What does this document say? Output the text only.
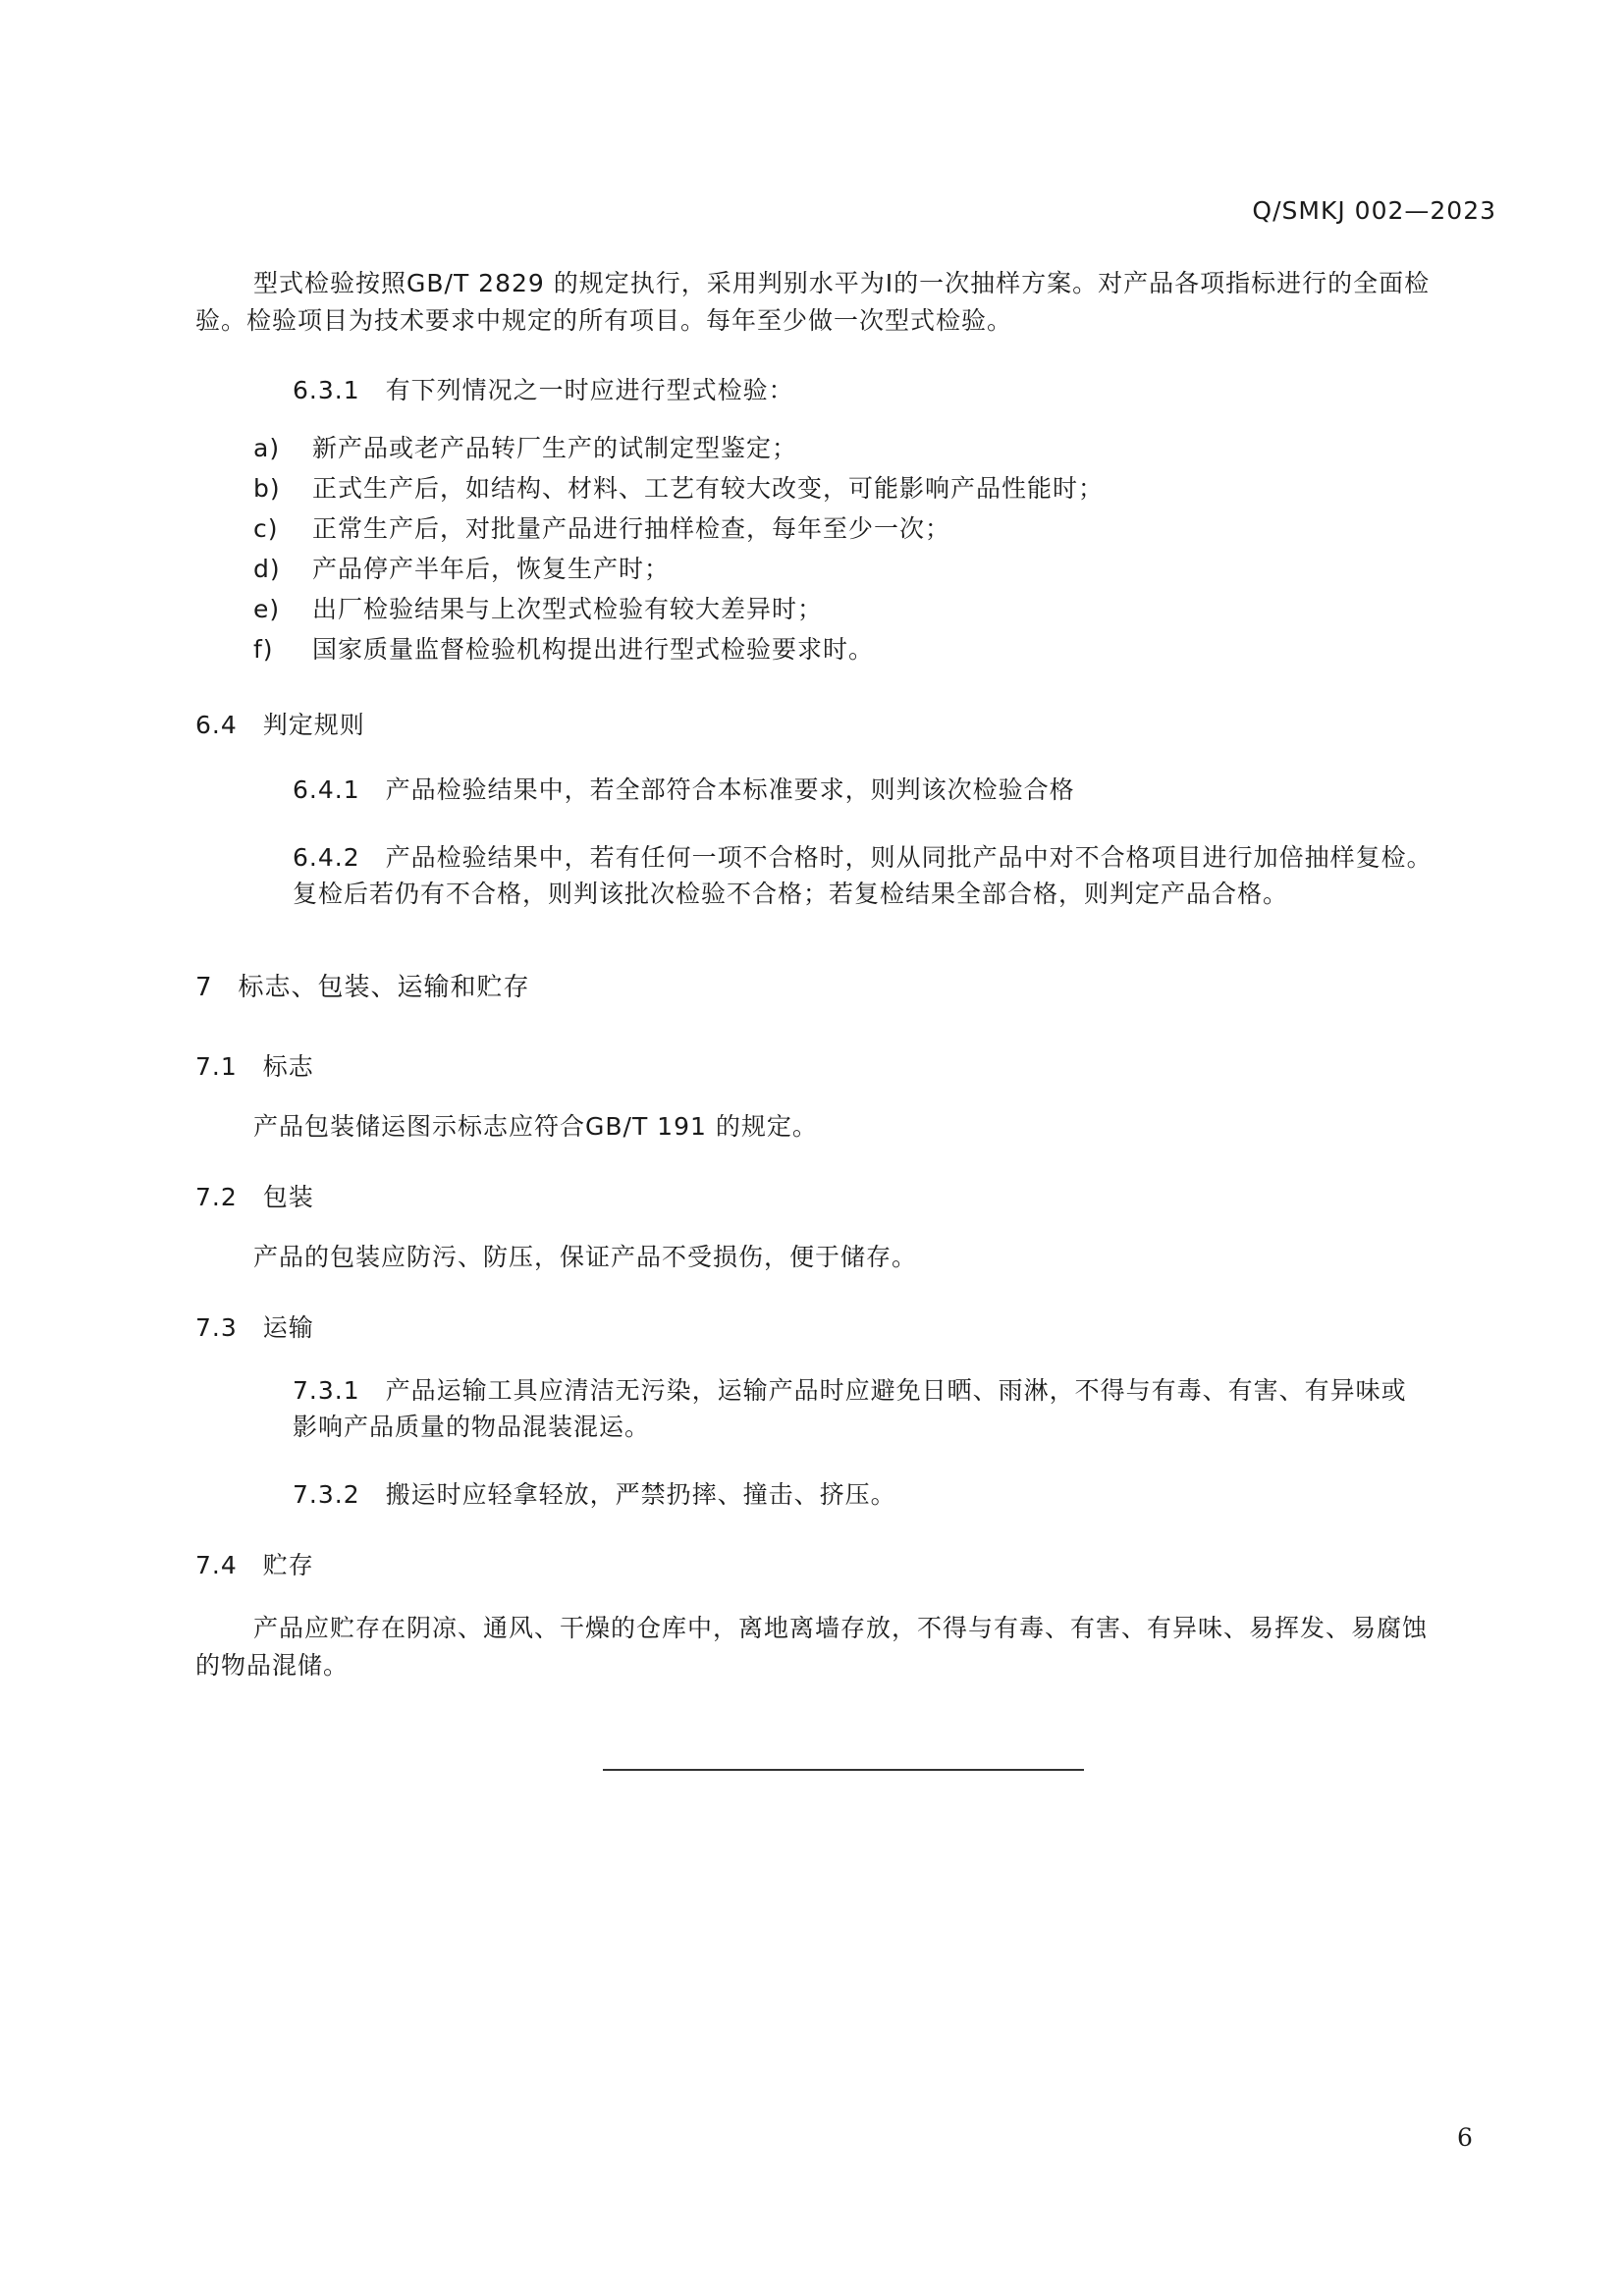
Q/SMKJ 002—2023
型式检验按照GB/T 2829 的规定执行，采用判别水平为I的一次抽样方案。对产品各项指标进行的全面检
验。检验项目为技术要求中规定的所有项目。每年至少做一次型式检验。
6.3.1 有下列情况之一时应进行型式检验：
a) 新产品或老产品转厂生产的试制定型鉴定；
b) 正式生产后，如结构、材料、工艺有较大改变，可能影响产品性能时；
c) 正常生产后，对批量产品进行抽样检查，每年至少一次；
d) 产品停产半年后，恢复生产时；
e) 出厂检验结果与上次型式检验有较大差异时；
f) 国家质量监督检验机构提出进行型式检验要求时。
6.4 判定规则
6.4.1 产品检验结果中，若全部符合本标准要求，则判该次检验合格
6.4.2 产品检验结果中，若有任何一项不合格时，则从同批产品中对不合格项目进行加倍抽样复检。
复检后若仍有不合格，则判该批次检验不合格；若复检结果全部合格，则判定产品合格。
7 标志、包装、运输和贮存
7.1 标志
产品包装储运图示标志应符合GB/T 191 的规定。
7.2 包装
产品的包装应防污、防压，保证产品不受损伤，便于储存。
7.3 运输
7.3.1 产品运输工具应清洁无污染，运输产品时应避免日晒、雨淋，不得与有毒、有害、有异味或
影响产品质量的物品混装混运。
7.3.2 搬运时应轻拿轻放，严禁扔摔、撞击、挤压。
7.4 贮存
产品应贮存在阴凉、通风、干燥的仓库中，离地离墙存放，不得与有毒、有害、有异味、易挥发、易腐蚀
的物品混储。
6
